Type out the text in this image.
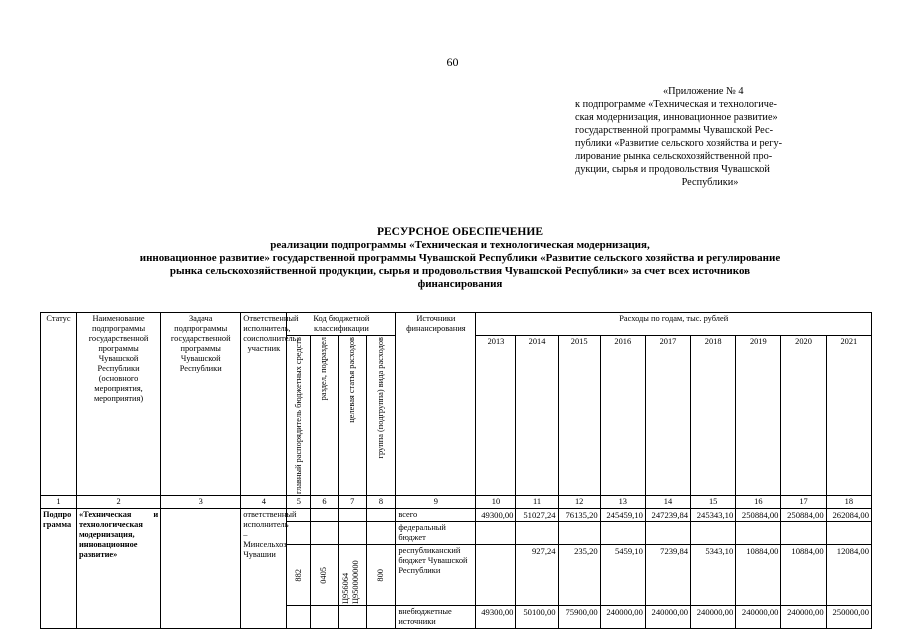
60
«Приложение № 4
к подпрограмме «Техническая и технологиче-
ская модернизация, инновационное развитие»
государственной программы Чувашской Рес-
публики «Развитие сельского хозяйства и регу-
лирование рынка сельскохозяйственной про-
дукции, сырья и продовольствия Чувашской
Республики»
РЕСУРСНОЕ ОБЕСПЕЧЕНИЕ
реализации подпрограммы «Техническая и технологическая модернизация,
инновационное развитие» государственной программы Чувашской Республики «Развитие сельского хозяйства и регулирование
рынка сельскохозяйственной продукции, сырья и продовольствия Чувашской Республики» за счет всех источников
финансирования
Статус	Наименование подпрограммы государственной программы Чувашской Республики (основного мероприятия, мероприятия)	Задача подпрограммы государственной программы Чувашской Республики	Ответственный исполнитель, соисполнитель, участник	Код бюджетной классификации				Источники финансирования	Расходы по годам, тыс. рублей								

				главный распорядитель бюджетных средств	раздел, подраздел	целевая статья расходов	группа (подгруппа) вида расходов		2013	2014	2015	2016	2017	2018	2019	2020	2021

1	2	3	4	5	6	7	8	9	10	11	12	13	14	15	16	17	18
Подпрограмма	«Техническая и технологическая модернизация, инновационное развитие»		ответственный исполнитель – Минсельхоз Чувашии					всего	49300,00	51027,24	76135,20	245459,10	247239,84	245343,10	250884,00	250884,00	262084,00
								федеральный бюджет									

				882	0405	Ц956064 Ц950000000	800	республиканский бюджет Чувашской Республики		927,24	235,20	5459,10	7239,84	5343,10	10884,00	10884,00	12084,00
								внебюджетные источники	49300,00	50100,00	75900,00	240000,00	240000,00	240000,00	240000,00	240000,00	250000,00
